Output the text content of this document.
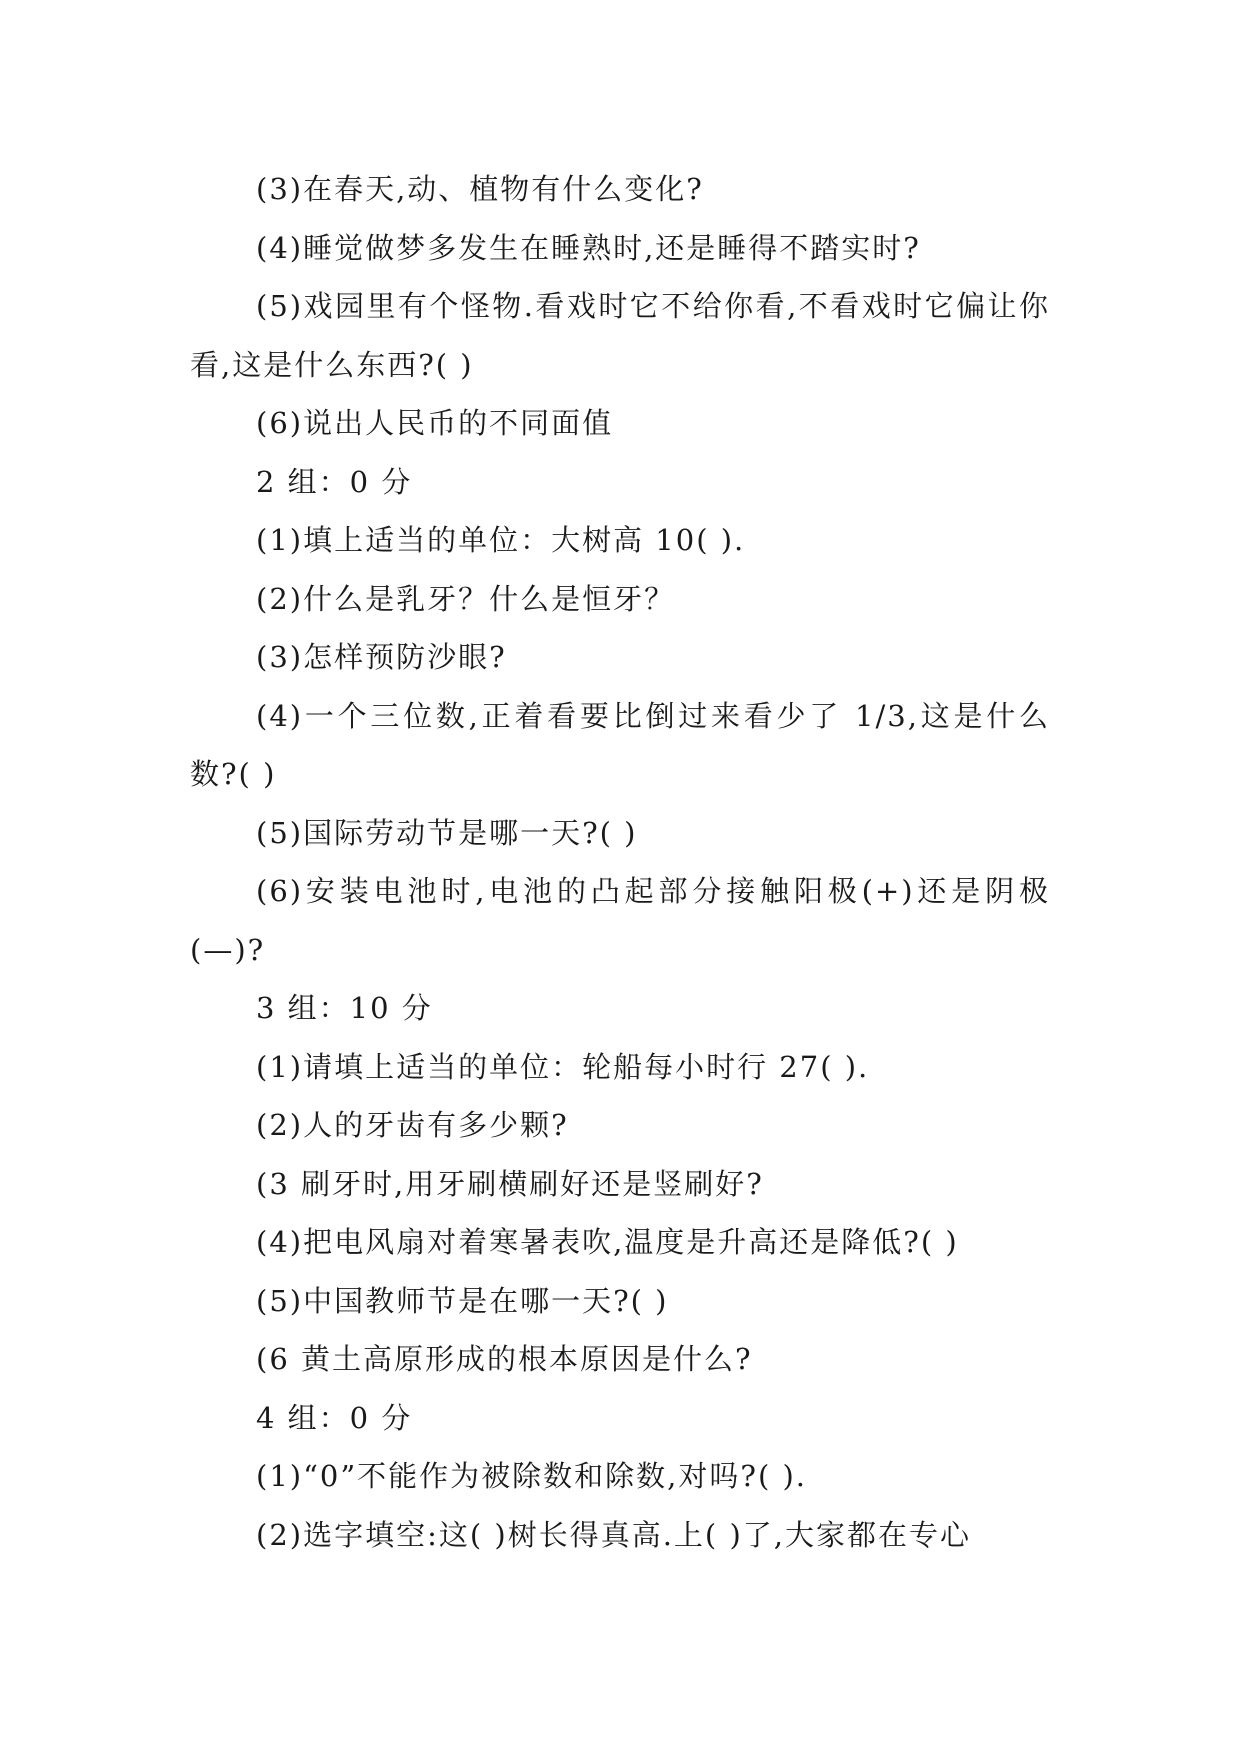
(3)在春天,动、植物有什么变化?
(4)睡觉做梦多发生在睡熟时,还是睡得不踏实时?
(5)戏园里有个怪物.看戏时它不给你看,不看戏时它偏让你看,这是什么东西?( )
(6)说出人民币的不同面值
2 组：0 分
(1)填上适当的单位：大树高 10( ).
(2)什么是乳牙？什么是恒牙？
(3)怎样预防沙眼?
(4)一个三位数,正着看要比倒过来看少了 1/3,这是什么数?( )
(5)国际劳动节是哪一天?( )
(6)安装电池时,电池的凸起部分接触阳极(+)还是阴极(—)?
3 组：10 分
(1)请填上适当的单位：轮船每小时行 27( ).
(2)人的牙齿有多少颗?
(3 刷牙时,用牙刷横刷好还是竖刷好?
(4)把电风扇对着寒暑表吹,温度是升高还是降低?( )
(5)中国教师节是在哪一天?( )
(6 黄土高原形成的根本原因是什么?
4 组：0 分
(1)“0”不能作为被除数和除数,对吗?( ).
(2)选字填空:这( )树长得真高.上( )了,大家都在专心
